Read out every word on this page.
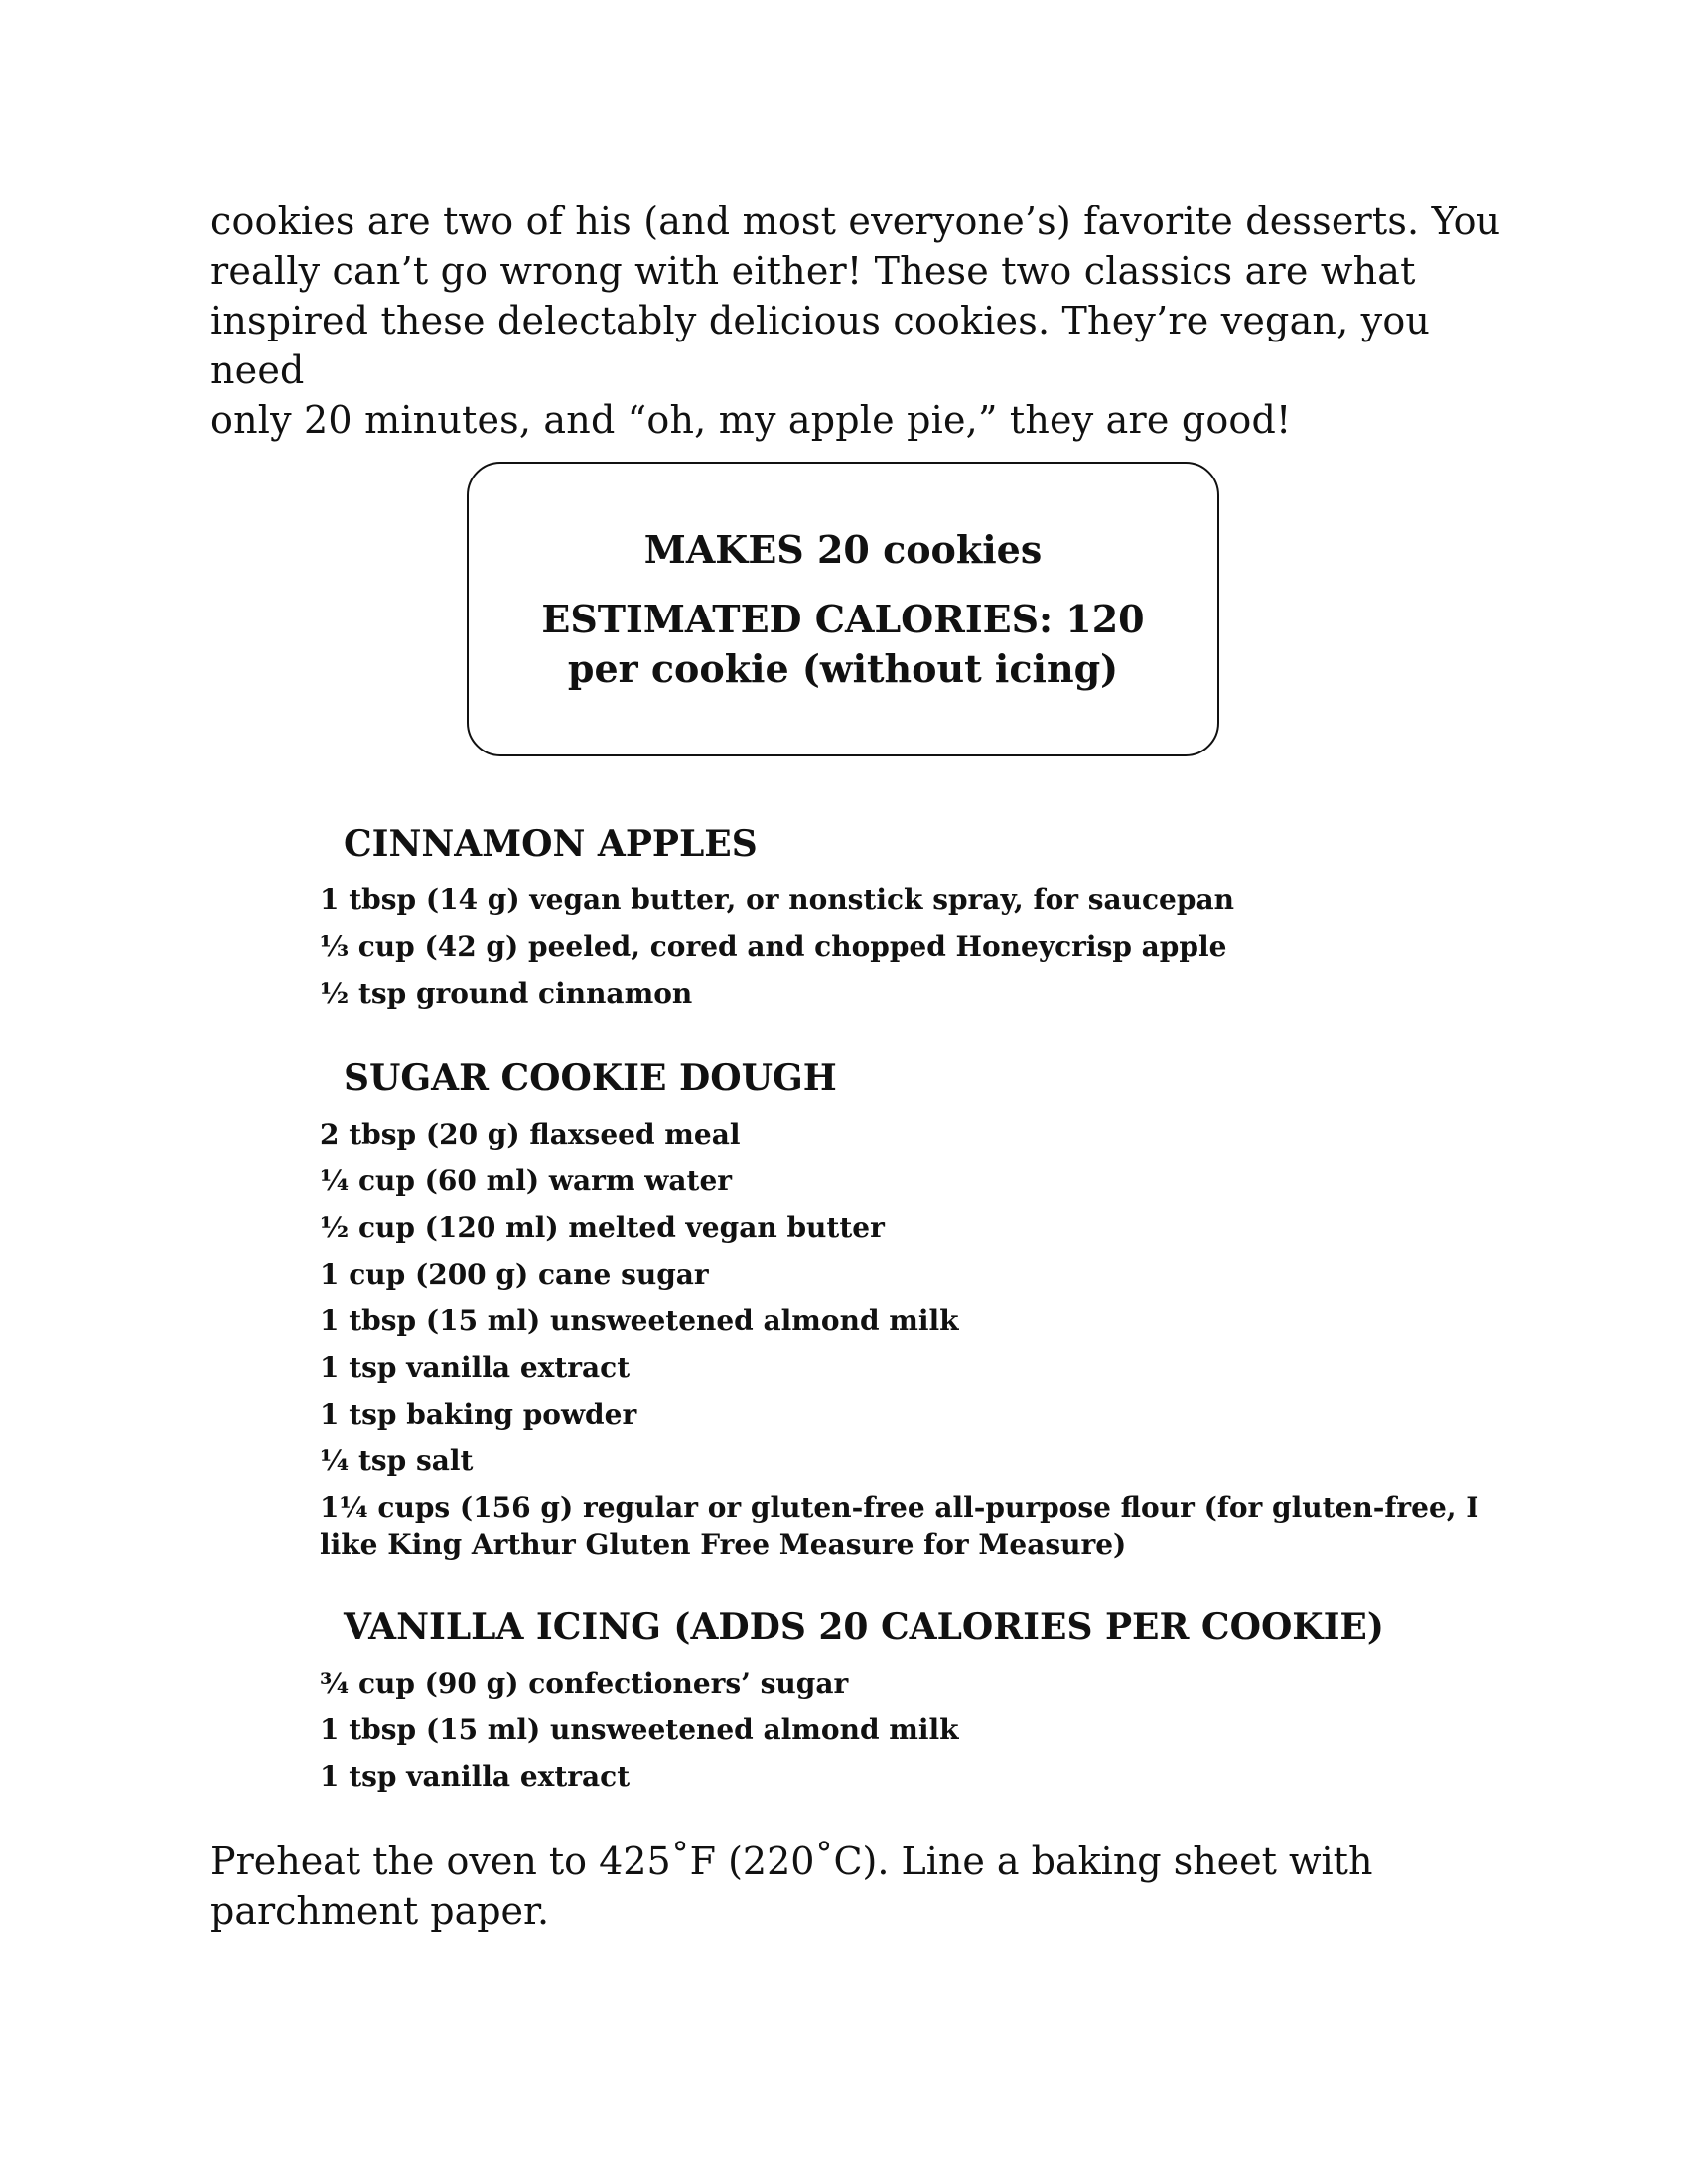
cookies are two of his (and most everyone’s) favorite desserts. You
really can’t go wrong with either! These two classics are what
inspired these delectably delicious cookies. They’re vegan, you need
only 20 minutes, and “oh, my apple pie,” they are good!

MAKES 20 cookies
ESTIMATED CALORIES: 120 per cookie (without icing)
CINNAMON APPLES
1 tbsp (14 g) vegan butter, or nonstick spray, for saucepan
⅓ cup (42 g) peeled, cored and chopped Honeycrisp apple
½ tsp ground cinnamon
SUGAR COOKIE DOUGH
2 tbsp (20 g) flaxseed meal
¼ cup (60 ml) warm water
½ cup (120 ml) melted vegan butter
1 cup (200 g) cane sugar
1 tbsp (15 ml) unsweetened almond milk
1 tsp vanilla extract
1 tsp baking powder
¼ tsp salt
1¼ cups (156 g) regular or gluten-free all-purpose flour (for gluten-free, I like King Arthur Gluten Free Measure for Measure)
VANILLA ICING (ADDS 20 CALORIES PER COOKIE)
¾ cup (90 g) confectioners’ sugar
1 tbsp (15 ml) unsweetened almond milk
1 tsp vanilla extract

Preheat the oven to 425˚F (220˚C). Line a baking sheet with
parchment paper.
